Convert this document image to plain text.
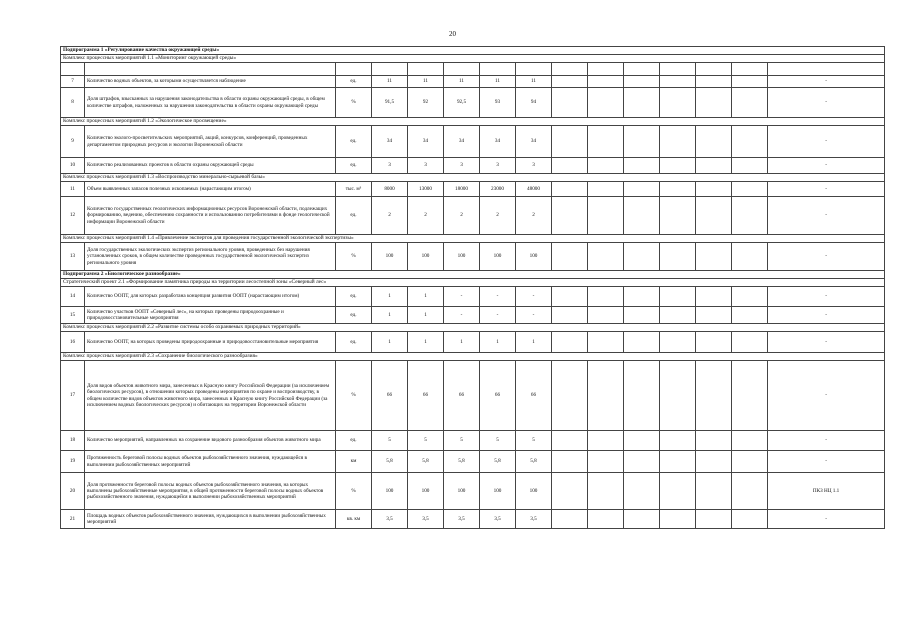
20
Подпрограмма 1 «Регулирование качества окружающей среды»														
Комплекс процессных мероприятий 1.1 «Мониторинг окружающей среды»														

7	Количество водных объектов, за которыми осуществляется наблюдение	ед.	11	11	11	11	11							-
8	Доля штрафов, взысканных за нарушения законодательства в области охраны окружающей среды, в общем количестве штрафов, наложенных за нарушения законодательства в области охраны окружающей среды	%	91,5	92	92,5	93	94							-
Комплекс процессных мероприятий 1.2 «Экологическое просвещение»														
9	Количество эколого-просветительских мероприятий, акций, конкурсов, конференций, проведенных департаментом природных ресурсов и экологии Воронежской области	ед.	34	34	34	34	34							-
10	Количество реализованных проектов в области охраны окружающей среды	ед.	3	3	3	3	3							-
Комплекс процессных мероприятий 1.3 «Воспроизводство минерально-сырьевой базы»														
11	Объем выявленных запасов полезных ископаемых (нарастающим итогом)	тыс. м³	8000	13000	18000	23000	48000							-
12	Количество государственных геологических информационных ресурсов Воронежской области, подлежащих формированию, ведению, обеспечению сохранности и использованию потребителями в фонде геологической информации Воронежской области	ед.	2	2	2	2	2							-
Комплекс процессных мероприятий 1.4 «Привлечение экспертов для проведения государственной экологической экспертизы»														
13	Доля государственных экологических экспертиз регионального уровня, проведенных без нарушения установленных сроков, в общем количестве проведенных государственной экологической экспертиз регионального уровня	%	100	100	100	100	100							-
Подпрограмма 2 «Биологическое разнообразие»														
Стратегический проект 2.1 «Формирование памятника природы на территории лесостепной зоны «Северный лес»														
14	Количество ООПТ, для которых разработана концепция развития ООПТ (нарастающим итогом)	ед.	1	1	-	-	-							-
15	Количество участков ООПТ «Северный лес», на которых проведены природоохранные и природовосстановительные мероприятия	ед.	1	1	-	-	-							-
Комплекс процессных мероприятий 2.2 «Развитие системы особо охраняемых природных территорий»														
16	Количество ООПТ, на которых проведены природоохранные и природовосстановительные мероприятия	ед.	1	1	1	1	1							-
Комплекс процессных мероприятий 2.3 «Сохранение биологического разнообразия»														
17	Доля видов объектов животного мира, занесенных в Красную книгу Российской Федерации (за исключением биологических ресурсов), в отношении которых проведены мероприятия по охране и воспроизводству, в общем количестве видов объектов животного мира, занесенных в Красную книгу Российской Федерации (за исключением водных биологических ресурсов) и обитающих на территории Воронежской области	%	66	66	66	66	66							-
18	Количество мероприятий, направленных на сохранение видового разнообразия объектов животного мира	ед.	5	5	5	5	5							-
19	Протяженность береговой полосы водных объектов рыбохозяйственного значения, нуждающейся в выполнении рыбохозяйственных мероприятий	км	5,8	5,8	5,8	5,8	5,8							-
20	Доля протяженности береговой полосы водных объектов рыбохозяйственного значения, на которых выполнены рыбохозяйственные мероприятия, в общей протяженности береговой полосы водных объектов рыбохозяйственного значения, нуждающейся в выполнении рыбохозяйственных мероприятий	%	100	100	100	100	100							ПКЗ НЦ 1.1
21	Площадь водных объектов рыбохозяйственного значения, нуждающихся в выполнении рыбохозяйственных мероприятий	кв. км	3,5	3,5	3,5	3,5	3,5							-
